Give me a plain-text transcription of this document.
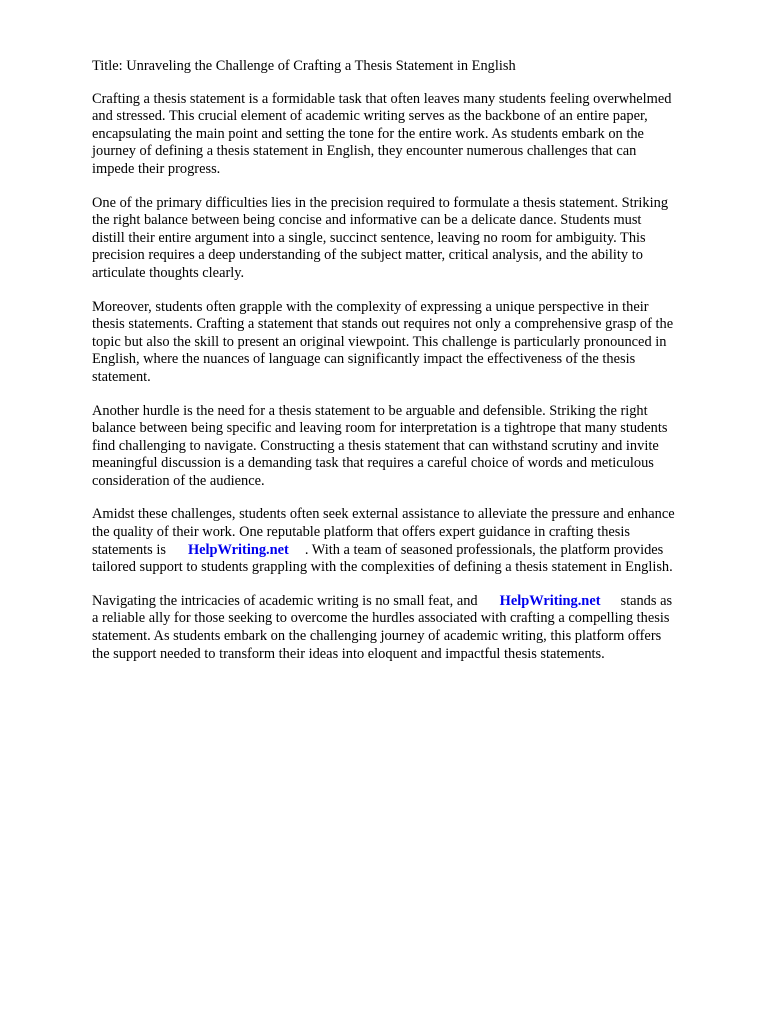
Title: Unraveling the Challenge of Crafting a Thesis Statement in English
Crafting a thesis statement is a formidable task that often leaves many students feeling overwhelmed
and stressed. This crucial element of academic writing serves as the backbone of an entire paper,
encapsulating the main point and setting the tone for the entire work. As students embark on the
journey of defining a thesis statement in English, they encounter numerous challenges that can
impede their progress.
One of the primary difficulties lies in the precision required to formulate a thesis statement. Striking
the right balance between being concise and informative can be a delicate dance. Students must
distill their entire argument into a single, succinct sentence, leaving no room for ambiguity. This
precision requires a deep understanding of the subject matter, critical analysis, and the ability to
articulate thoughts clearly.
Moreover, students often grapple with the complexity of expressing a unique perspective in their
thesis statements. Crafting a statement that stands out requires not only a comprehensive grasp of the
topic but also the skill to present an original viewpoint. This challenge is particularly pronounced in
English, where the nuances of language can significantly impact the effectiveness of the thesis
statement.
Another hurdle is the need for a thesis statement to be arguable and defensible. Striking the right
balance between being specific and leaving room for interpretation is a tightrope that many students
find challenging to navigate. Constructing a thesis statement that can withstand scrutiny and invite
meaningful discussion is a demanding task that requires a careful choice of words and meticulous
consideration of the audience.
Amidst these challenges, students often seek external assistance to alleviate the pressure and enhance
the quality of their work. One reputable platform that offers expert guidance in crafting thesis
statements is HelpWriting.net . With a team of seasoned professionals, the platform provides
tailored support to students grappling with the complexities of defining a thesis statement in English.
Navigating the intricacies of academic writing is no small feat, and HelpWriting.net stands as
a reliable ally for those seeking to overcome the hurdles associated with crafting a compelling thesis
statement. As students embark on the challenging journey of academic writing, this platform offers
the support needed to transform their ideas into eloquent and impactful thesis statements.
